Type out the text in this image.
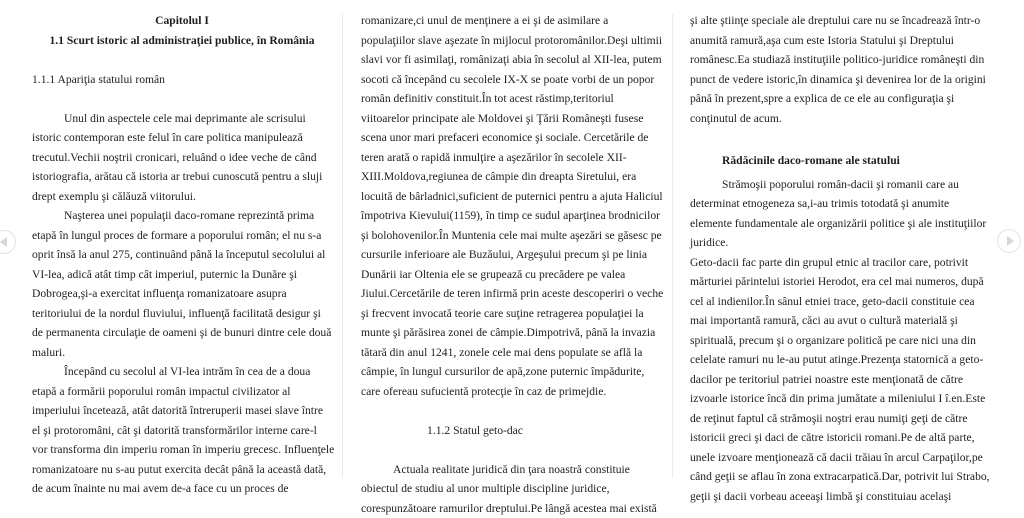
Capitolul I
1.1 Scurt istoric al administraţiei publice, în România
1.1.1 Apariţia statului român
Unul din aspectele cele mai deprimante ale scrisului
istoric contemporan este felul în care politica manipulează
trecutul.Vechii noştrii cronicari, reluând o idee veche de când
istoriografia, arătau că istoria ar trebui cunoscută pentru a sluji
drept exemplu şi călăuză viitorului.
Naşterea unei populaţii daco-romane reprezintă prima
etapă în lungul proces de formare a poporului român; el nu s-a
oprit însă la anul 275, continuând până la începutul secolului al
VI-lea, adică atât timp cât imperiul, puternic la Dunăre şi
Dobrogea,şi-a exercitat influenţa romanizatoare asupra
teritoriului de la nordul fluviului, influenţă facilitată desigur şi
de permanenta circulaţie de oameni şi de bunuri dintre cele două
maluri.
Începând cu secolul al VI-lea intrăm în cea de a doua
etapă a formării poporului român impactul civilizator al
imperiului încetează, atât datorită întreruperii masei slave între
el şi protoromâni, cât şi datorită transformărilor interne care-l
vor transforma din imperiu roman în imperiu grecesc. Influenţele
romanizatoare nu s-au putut exercita decât până la această dată,
de acum înainte nu mai avem de-a face cu un proces de
romanizare,ci unul de menţinere a ei şi de asimilare a
populaţiilor slave aşezate în mijlocul protoromânilor.Deşi ultimii
slavi vor fi asimilaţi, românizaţi abia în secolul al XII-lea, putem
socoti că începând cu secolele IX-X se poate vorbi de un popor
român definitiv constituit.În tot acest răstimp,teritoriul
viitoarelor principate ale Moldovei şi Ţării Româneşti fusese
scena unor mari prefaceri economice şi sociale. Cercetările de
teren arată o rapidă inmulţire a aşezărilor în secolele XII-
XIII.Moldova,regiunea de câmpie din dreapta Siretului, era
locuită de bârladnici,suficient de puternici pentru a ajuta Haliciul
împotriva Kievului(1159), în timp ce sudul aparţinea brodnicilor
şi bolohovenilor.În Muntenia cele mai multe aşezări se găsesc pe
cursurile inferioare ale Buzăului, Argeşului precum şi pe linia
Dunării iar Oltenia ele se grupează cu precădere pe valea
Jiului.Cercetările de teren infirmă prin aceste descoperiri o veche
şi frecvent invocată teorie care suţine retragerea populaţiei la
munte şi părăsirea zonei de câmpie.Dimpotrivă, până la invazia
tătară din anul 1241, zonele cele mai dens populate se află la
câmpie, în lungul cursurilor de apă,zone puternic împădurite,
care ofereau sufucientă protecţie în caz de primejdie.
1.1.2 Statul geto-dac
Actuala realitate juridică din ţara noastră constituie
obiectul de studiu al unor multiple discipline juridice,
corespunzătoare ramurilor dreptului.Pe lângă acestea mai există
şi alte ştiinţe speciale ale dreptului care nu se încadrează într-o
anumită ramură,aşa cum este Istoria Statului şi Dreptului
românesc.Ea studiază instituţiile politico-juridice româneşti din
punct de vedere istoric,în dinamica şi devenirea lor de la origini
până în prezent,spre a explica de ce ele au configuraţia şi
conţinutul de acum.
Rădăcinile daco-romane ale statului
Strămoşii poporului român-dacii şi romanii care au
determinat etnogeneza sa,i-au trimis totodată şi anumite
elemente fundamentale ale organizării politice şi ale instituţiilor
juridice.
Geto-dacii fac parte din grupul etnic al tracilor care, potrivit
mărturiei părintelui istoriei Herodot, era cel mai numeros, după
cel al indienilor.În sânul etniei trace, geto-dacii constituie cea
mai importantă ramură, căci au avut o cultură materială şi
spirituală, precum şi o organizare politică pe care nici una din
celelate ramuri nu le-au putut atinge.Prezenţa statornică a geto-
dacilor pe teritoriul patriei noastre este menţionată de către
izvoarle istorice încă din prima jumătate a mileniului I î.en.Este
de reţinut faptul că strămoşii noştri erau numiţi geţi de către
istoricii greci şi daci de către istoricii romani.Pe de altă parte,
unele izvoare menţionează că dacii trăiau în arcul Carpaţilor,pe
când geţii se aflau în zona extracarpatică.Dar, potrivit lui Strabo,
geţii şi dacii vorbeau aceeaşi limbă şi constituiau acelaşi
